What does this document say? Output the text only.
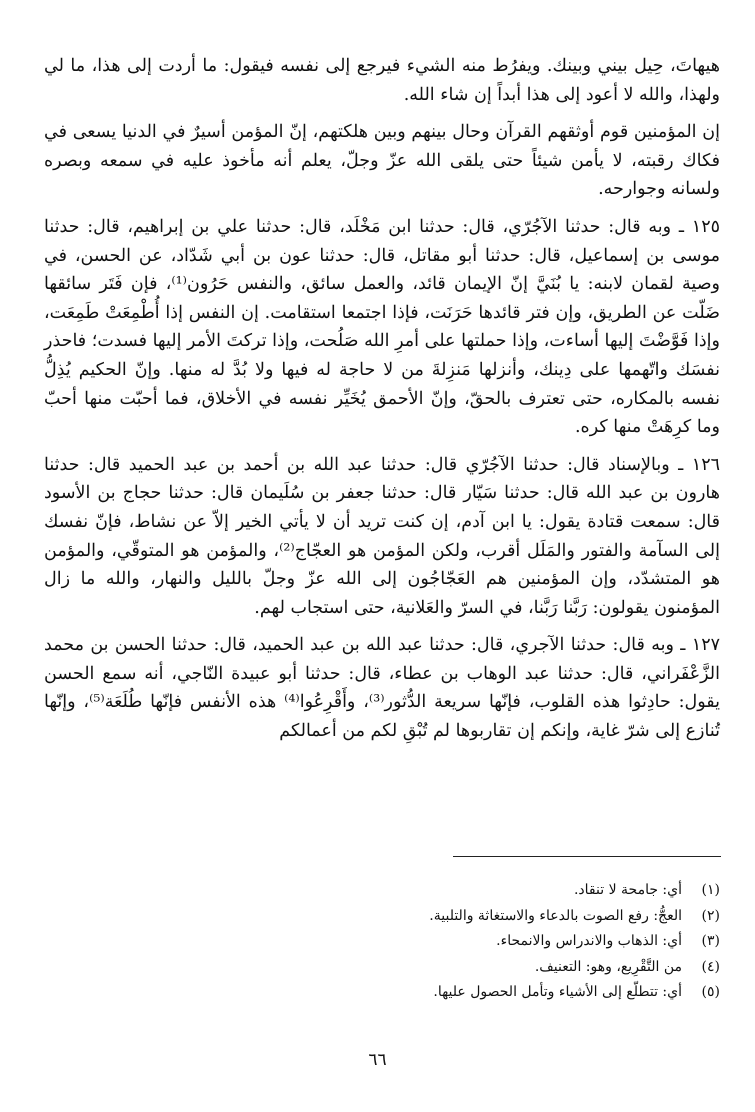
هيهاتَ، حِيل بيني وبينك. ويفرُط منه الشيء فيرجع إلى نفسه فيقول: ما أردت إلى هذا، ما لي ولهذا، والله لا أعود إلى هذا أبداً إن شاء الله.

إن المؤمنين قوم أوثقهم القرآن وحال بينهم وبين هلكتهم، إنّ المؤمن أسيرٌ في الدنيا يسعى في فكاك رقبته، لا يأمن شيئاً حتى يلقى الله عزّ وجلّ، يعلم أنه مأخوذ عليه في سمعه وبصره ولسانه وجوارحه.

١٢٥ ـ وبه قال: حدثنا الآجُرّي، قال: حدثنا ابن مَخْلَد، قال: حدثنا علي بن إبراهيم، قال: حدثنا موسى بن إسماعيل، قال: حدثنا أبو مقاتل، قال: حدثنا عون بن أبي شَدّاد، عن الحسن، في وصية لقمان لابنه: يا بُنَيَّ إنّ الإيمان قائد، والعمل سائق، والنفس حَرُون⁽¹⁾، فإن فَتَر سائقها ضَلّت عن الطريق، وإن فتر قائدها حَرَنَت، فإذا اجتمعا استقامت. إن النفس إذا أُطْمِعَتْ طَمِعَت، وإذا فَوَّضْتَ إليها أساءت، وإذا حملتها على أمرِ الله صَلُحت، وإذا تركتَ الأمر إليها فسدت؛ فاحذر نفسَك واتّهمها على دِينك، وأنزلها مَنزِلةَ من لا حاجة له فيها ولا بُدَّ له منها. وإنّ الحكيم يُذِلُّ نفسه بالمكاره، حتى تعترف بالحقّ، وإنّ الأحمق يُخَيِّر نفسه في الأخلاق، فما أحبّت منها أحبّ وما كرِهَتْ منها كره.

١٢٦ ـ وبالإسناد قال: حدثنا الآجُرّي قال: حدثنا عبد الله بن أحمد بن عبد الحميد قال: حدثنا هارون بن عبد الله قال: حدثنا سَيّار قال: حدثنا جعفر بن سُلَيمان قال: حدثنا حجاج بن الأسود قال: سمعت قتادة يقول: يا ابن آدم، إن كنت تريد أن لا يأتي الخير إلاّ عن نشاط، فإنّ نفسك إلى السآمة والفتور والمَلَل أقرب، ولكن المؤمن هو العجّاج⁽²⁾، والمؤمن هو المتوقّي، والمؤمن هو المتشدّد، وإن المؤمنين هم العَجّاجُون إلى الله عزّ وجلّ بالليل والنهار، والله ما زال المؤمنون يقولون: رَبَّنا رَبَّنا، في السرّ والعَلانية، حتى استجاب لهم.

١٢٧ ـ وبه قال: حدثنا الآجري، قال: حدثنا عبد الله بن عبد الحميد، قال: حدثنا الحسن بن محمد الزَّعْفَراني، قال: حدثنا عبد الوهاب بن عطاء، قال: حدثنا أبو عبيدة النّاجي، أنه سمع الحسن يقول: حادِثوا هذه القلوب، فإنّها سريعة الدُّثور⁽³⁾، وأَقْرِعُوا⁽⁴⁾ هذه الأنفس فإنّها طُلَعَة⁽⁵⁾، وإنّها تُنازع إلى شرّ غاية، وإنكم إن تقاربوها لم تُبْقِ لكم من أعمالكم

(١)
أي: جامحة لا تنقاد.
(٢)
العجُّ: رفع الصوت بالدعاء والاستغاثة والتلبية.
(٣)
أي: الذهاب والاندراس والانمحاء.
(٤)
من التَّقْرِيع، وهو: التعنيف.
(٥)
أي: تتطلّع إلى الأشياء وتأمل الحصول عليها.
٦٦
